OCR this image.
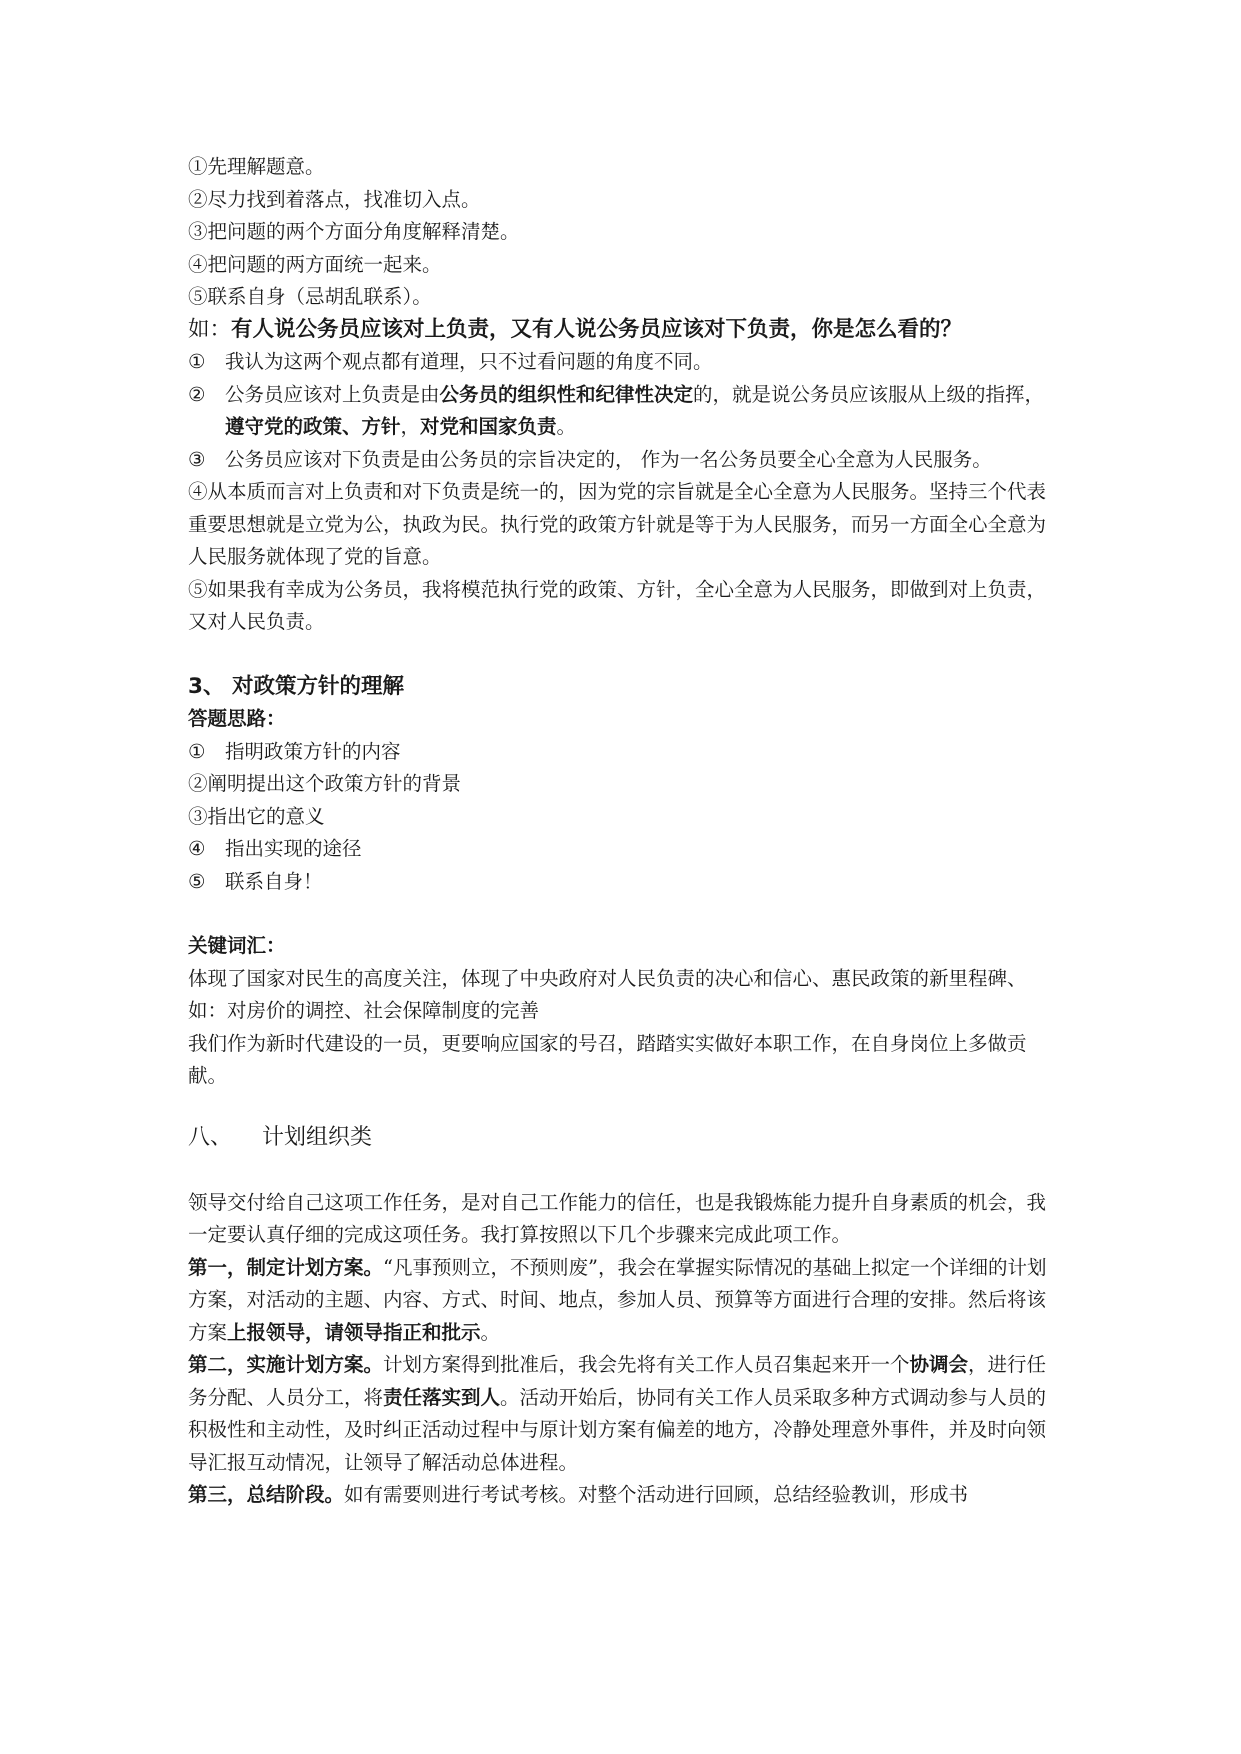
①先理解题意。
②尽力找到着落点，找准切入点。
③把问题的两个方面分角度解释清楚。
④把问题的两方面统一起来。
⑤联系自身（忌胡乱联系）。
如：有人说公务员应该对上负责，又有人说公务员应该对下负责，你是怎么看的？
①	我认为这两个观点都有道理，只不过看问题的角度不同。
②	公务员应该对上负责是由公务员的组织性和纪律性决定的，就是说公务员应该服从上级的指挥，遵守党的政策、方针，对党和国家负责。
③	公务员应该对下负责是由公务员的宗旨决定的， 作为一名公务员要全心全意为人民服务。
④从本质而言对上负责和对下负责是统一的，因为党的宗旨就是全心全意为人民服务。坚持三个代表重要思想就是立党为公，执政为民。执行党的政策方针就是等于为人民服务，而另一方面全心全意为人民服务就体现了党的旨意。
⑤如果我有幸成为公务员，我将模范执行党的政策、方针，全心全意为人民服务，即做到对上负责，又对人民负责。
3、 对政策方针的理解
答题思路：
①	指明政策方针的内容
②阐明提出这个政策方针的背景
③指出它的意义
④	指出实现的途径
⑤	联系自身！
关键词汇：
体现了国家对民生的高度关注，体现了中央政府对人民负责的决心和信心、惠民政策的新里程碑、如：对房价的调控、社会保障制度的完善
我们作为新时代建设的一员，更要响应国家的号召，踏踏实实做好本职工作，在自身岗位上多做贡献。
八、 计划组织类
领导交付给自己这项工作任务，是对自己工作能力的信任，也是我锻炼能力提升自身素质的机会，我一定要认真仔细的完成这项任务。我打算按照以下几个步骤来完成此项工作。
第一，制定计划方案。“凡事预则立，不预则废”，我会在掌握实际情况的基础上拟定一个详细的计划方案，对活动的主题、内容、方式、时间、地点，参加人员、预算等方面进行合理的安排。然后将该方案上报领导，请领导指正和批示。
第二，实施计划方案。计划方案得到批准后，我会先将有关工作人员召集起来开一个协调会，进行任务分配、人员分工，将责任落实到人。活动开始后，协同有关工作人员采取多种方式调动参与人员的积极性和主动性，及时纠正活动过程中与原计划方案有偏差的地方，冷静处理意外事件，并及时向领导汇报互动情况，让领导了解活动总体进程。
第三，总结阶段。如有需要则进行考试考核。对整个活动进行回顾，总结经验教训，形成书
